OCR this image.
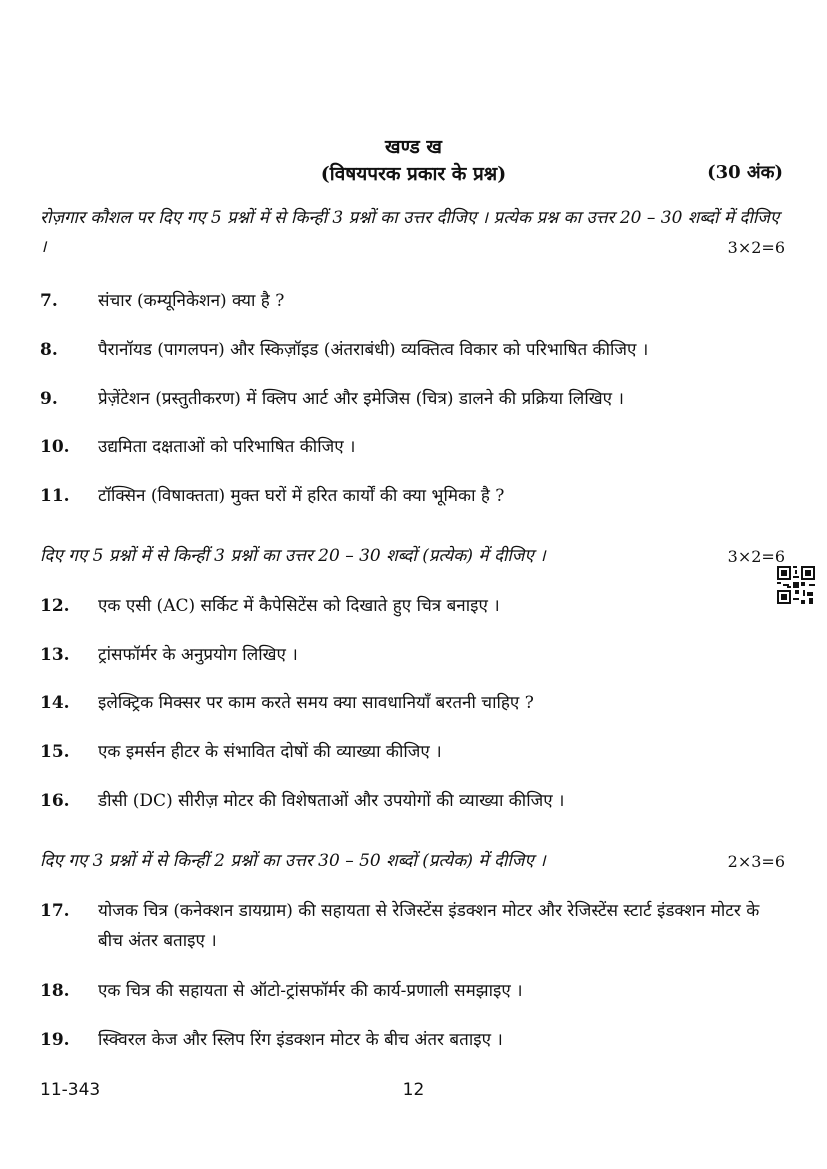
खण्ड ख
(विषयपरक प्रकार के प्रश्न)	(30 अंक)
रोज़गार कौशल पर दिए गए 5 प्रश्नों में से किन्हीं 3 प्रश्नों का उत्तर दीजिए । प्रत्येक प्रश्न का उत्तर 20 – 30 शब्दों में दीजिए ।	3×2=6
7.	संचार (कम्यूनिकेशन) क्या है ?
8.	पैरानॉयड (पागलपन) और स्किज़ॉइड (अंतराबंधी) व्यक्तित्व विकार को परिभाषित कीजिए ।
9.	प्रेज़ेंटेशन (प्रस्तुतीकरण) में क्लिप आर्ट और इमेजिस (चित्र) डालने की प्रक्रिया लिखिए ।
10.	उद्यमिता दक्षताओं को परिभाषित कीजिए ।
11.	टॉक्सिन (विषाक्तता) मुक्त घरों में हरित कार्यों की क्या भूमिका है ?
दिए गए 5 प्रश्नों में से किन्हीं 3 प्रश्नों का उत्तर 20 – 30 शब्दों (प्रत्येक) में दीजिए ।	3×2=6
12.	एक एसी (AC) सर्किट में कैपेसिटेंस को दिखाते हुए चित्र बनाइए ।
13.	ट्रांसफॉर्मर के अनुप्रयोग लिखिए ।
14.	इलेक्ट्रिक मिक्सर पर काम करते समय क्या सावधानियाँ बरतनी चाहिए ?
15.	एक इमर्सन हीटर के संभावित दोषों की व्याख्या कीजिए ।
16.	डीसी (DC) सीरीज़ मोटर की विशेषताओं और उपयोगों की व्याख्या कीजिए ।
दिए गए 3 प्रश्नों में से किन्हीं 2 प्रश्नों का उत्तर 30 – 50 शब्दों (प्रत्येक) में दीजिए ।	2×3=6
17.	योजक चित्र (कनेक्शन डायग्राम) की सहायता से रेजिस्टेंस इंडक्शन मोटर और रेजिस्टेंस स्टार्ट इंडक्शन मोटर के बीच अंतर बताइए ।
18.	एक चित्र की सहायता से ऑटो-ट्रांसफॉर्मर की कार्य-प्रणाली समझाइए ।
19.	स्क्विरल केज और स्लिप रिंग इंडक्शन मोटर के बीच अंतर बताइए ।
11-343	12
